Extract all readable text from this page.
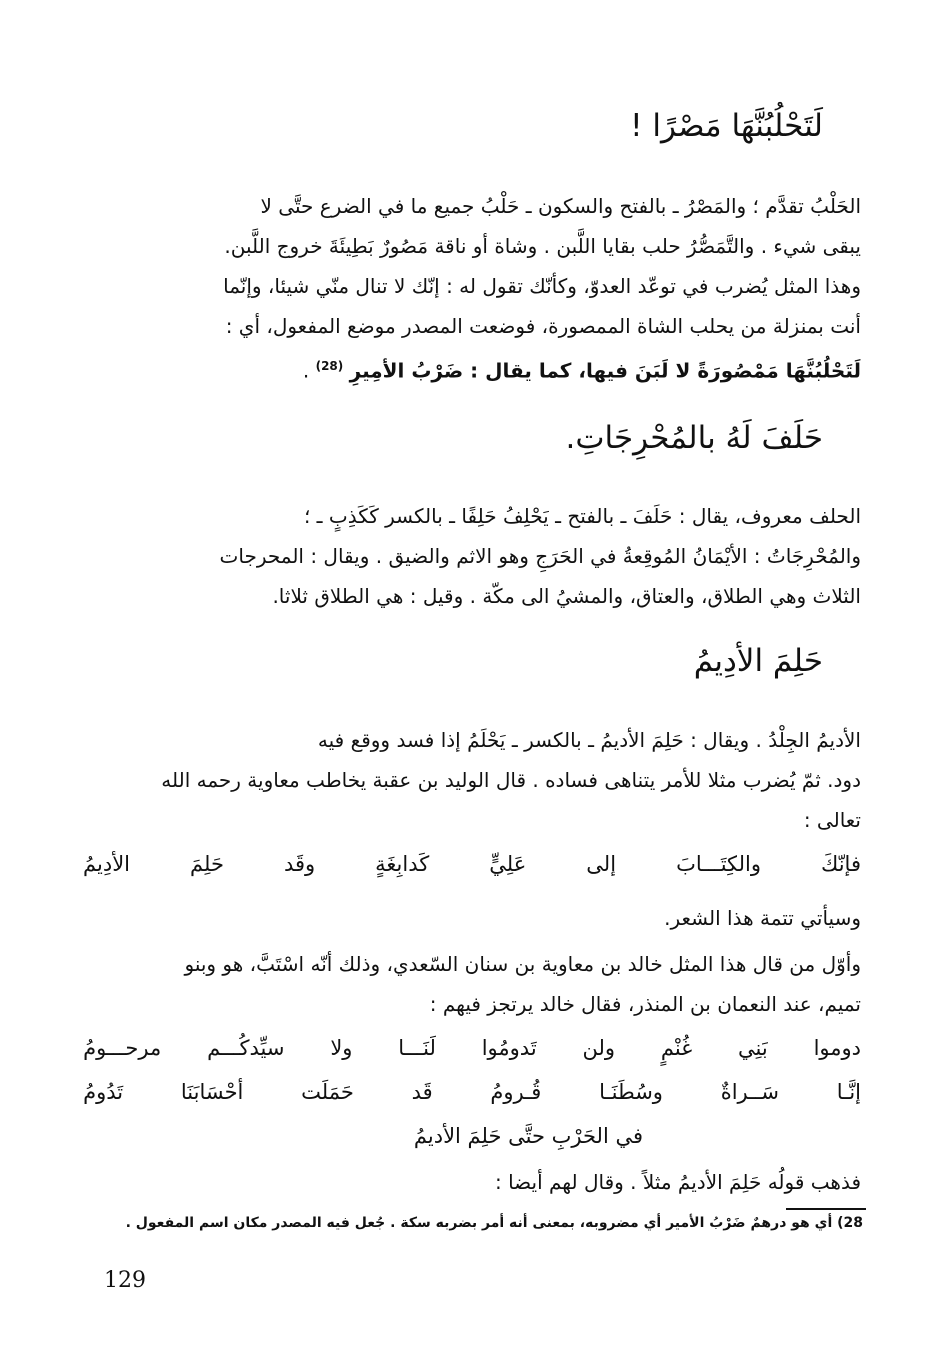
لَتَحْلُبُنَّهَا مَصْرًا !
الحَلْبُ تقدَّم ؛ والمَصْرُ ـ بالفتح والسكون ـ حَلْبُ جميع ما في الضرع حتَّى لا
يبقى شيء . والتَّمَصُّرُ حلب بقايا اللَّبن . وشاة أو ناقة مَصُورٌ بَطِيئَةَ خروج اللَّبن.
وهذا المثل يُضرب في توعّد العدوّ، وكأنّك تقول له : إنّك لا تنال منّي شيئا، وإنّما
أنت بمنزلة من يحلب الشاة الممصورة، فوضعت المصدر موضع المفعول، أي :
لَتَحْلُبُنَّهَا مَمْصُورَةً لا لَبَنَ فيها، كما يقال : ضَرْبُ الأمِيرِ $^{(28)}$ .
حَلَفَ لَهُ بالمُحْرِجَاتِ.
الحلف معروف، يقال : حَلَفَ ـ بالفتح ـ يَحْلِفُ حَلِفًا ـ بالكسر كَكَذِبٍ ـ ؛
والمُحْرِجَاتُ : الأيْمَانُ المُوقِعةُ في الحَرَجِ وهو الاثم والضيق . ويقال : المحرجات
الثلاث وهي الطلاق، والعتاق، والمشيُ الى مكّة . وقيل : هي الطلاق ثلاثا.
حَلِمَ الأدِيمُ
الأديمُ الجِلْدُ . ويقال : حَلِمَ الأديمُ ـ بالكسر ـ يَحْلَمُ إذا فسد ووقع فيه
دود. ثمّ يُضرب مثلا للأمر يتناهى فساده . قال الوليد بن عقبة يخاطب معاوية رحمه الله
تعالى :
فإنّكَ
والكِتَـــابَ
إلى
عَلِيٍّ
كَدابِغَةٍ
وقَد
حَلِمَ
الأدِيمُ
وسيأتي تتمة هذا الشعر.
وأوّل من قال هذا المثل خالد بن معاوية بن سنان السّعدي، وذلك أنّه اسْتَبَّ، هو وبنو
تميم، عند النعمان بن المنذر، فقال خالد يرتجز فيهم :
دوموا
بَنِي
غُنْمٍ
ولن
تَدومُوا
لَنَـــا
ولا
سيِّدكُـــم
مرحـــومُ
إنَّـا
سَــراةٌ
وسُطَنَـا
قُـرومُ
قَد
حَمَلَت
أحْسَابَنَا
تَدُومُ
في الحَرْبِ حتَّى حَلِمَ الأديمُ
فذهب قولُه حَلِمَ الأديمُ مثلاً . وقال لهم أيضا :
28) أي هو درهمٌ ضَرْبُ الأمير أي مضروبه، بمعنى أنه أمر بضربه سكة . جُعل فيه المصدر مكان اسم المفعول .
129
